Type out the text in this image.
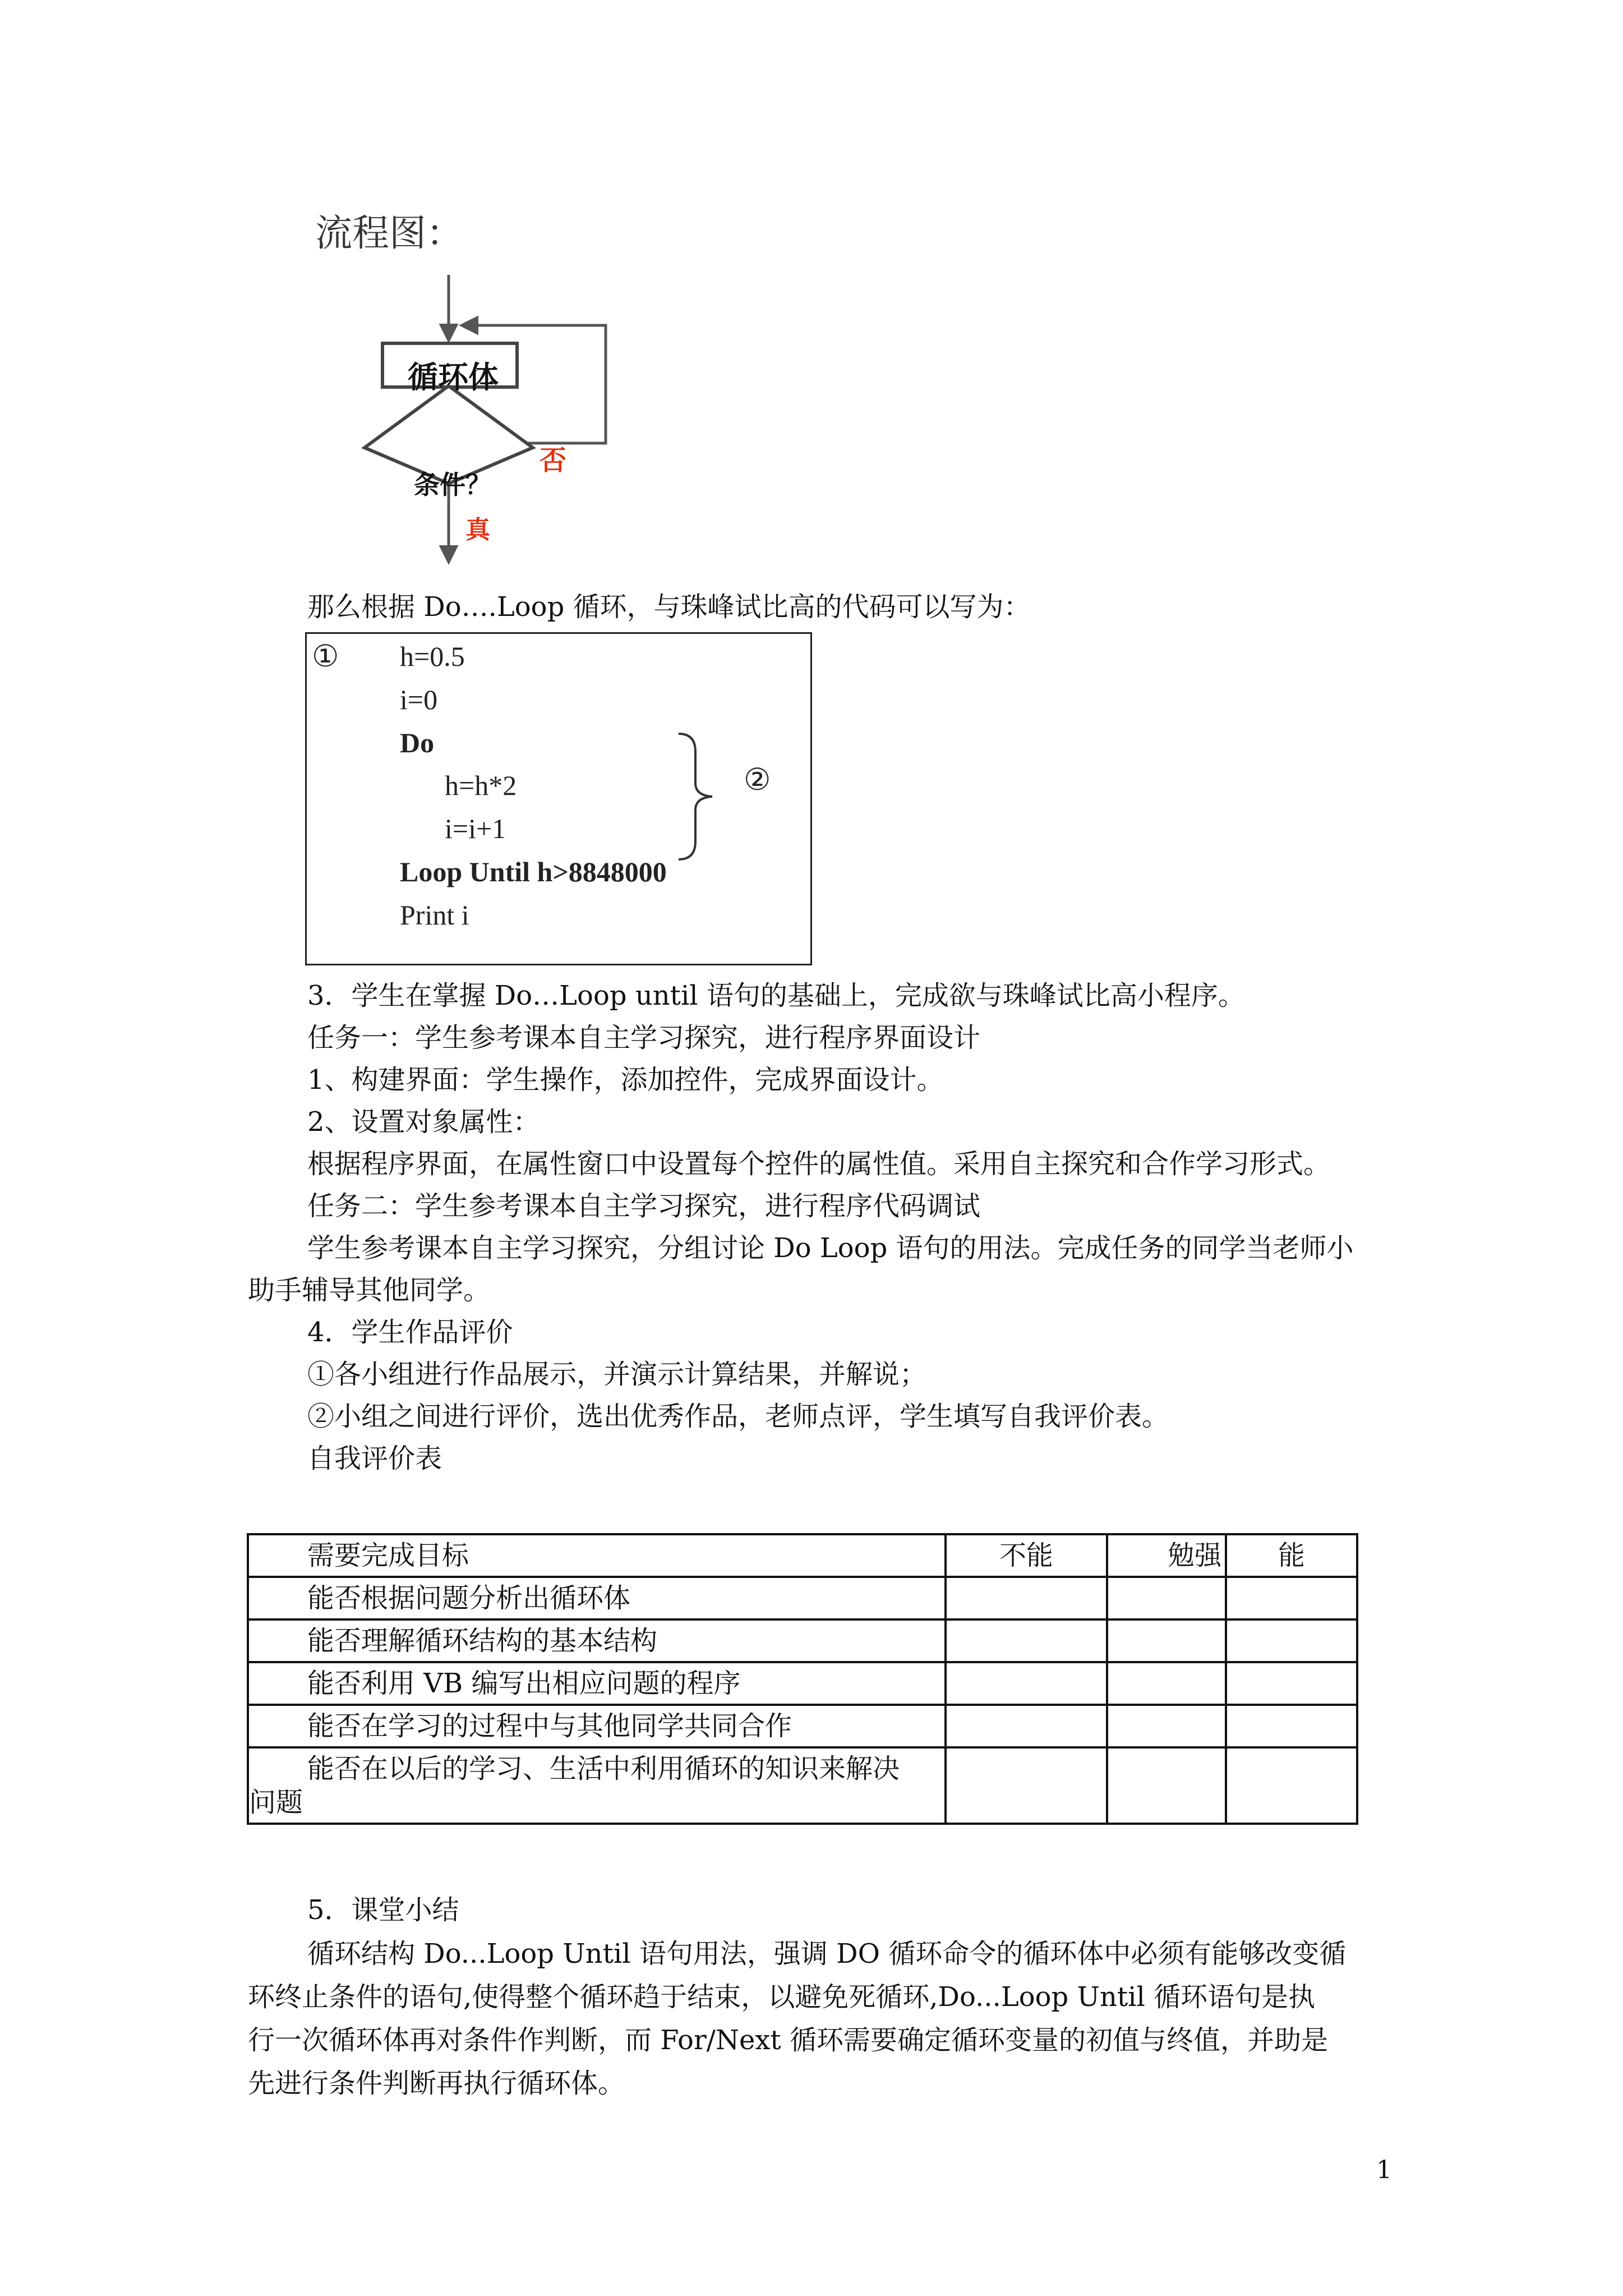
流程图：
循环体
条件？
否
真
那么根据 Do….Loop 循环，与珠峰试比高的代码可以写为：
① h=0.5
i=0
Do
h=h*2
i=i+1
Loop Until h>8848000
Print i
②
3．学生在掌握 Do…Loop until 语句的基础上，完成欲与珠峰试比高小程序。
任务一：学生参考课本自主学习探究，进行程序界面设计
1、构建界面：学生操作，添加控件，完成界面设计。
2、设置对象属性：
根据程序界面，在属性窗口中设置每个控件的属性值。采用自主探究和合作学习形式。
任务二：学生参考课本自主学习探究，进行程序代码调试
学生参考课本自主学习探究，分组讨论 Do Loop 语句的用法。完成任务的同学当老师小
助手辅导其他同学。
4．学生作品评价
①各小组进行作品展示，并演示计算结果，并解说；
②小组之间进行评价，选出优秀作品，老师点评，学生填写自我评价表。
自我评价表
需要完成目标	不能	勉强	能
能否根据问题分析出循环体			
能否理解循环结构的基本结构			
能否利用 VB 编写出相应问题的程序			
能否在学习的过程中与其他同学共同合作			
能否在以后的学习、生活中利用循环的知识来解决
问题			
5．课堂小结
循环结构 Do...Loop Until 语句用法，强调 DO 循环命令的循环体中必须有能够改变循
环终止条件的语句,使得整个循环趋于结束，以避免死循环,Do...Loop Until 循环语句是执
行一次循环体再对条件作判断，而 For/Next 循环需要确定循环变量的初值与终值，并助是
先进行条件判断再执行循环体。
1
